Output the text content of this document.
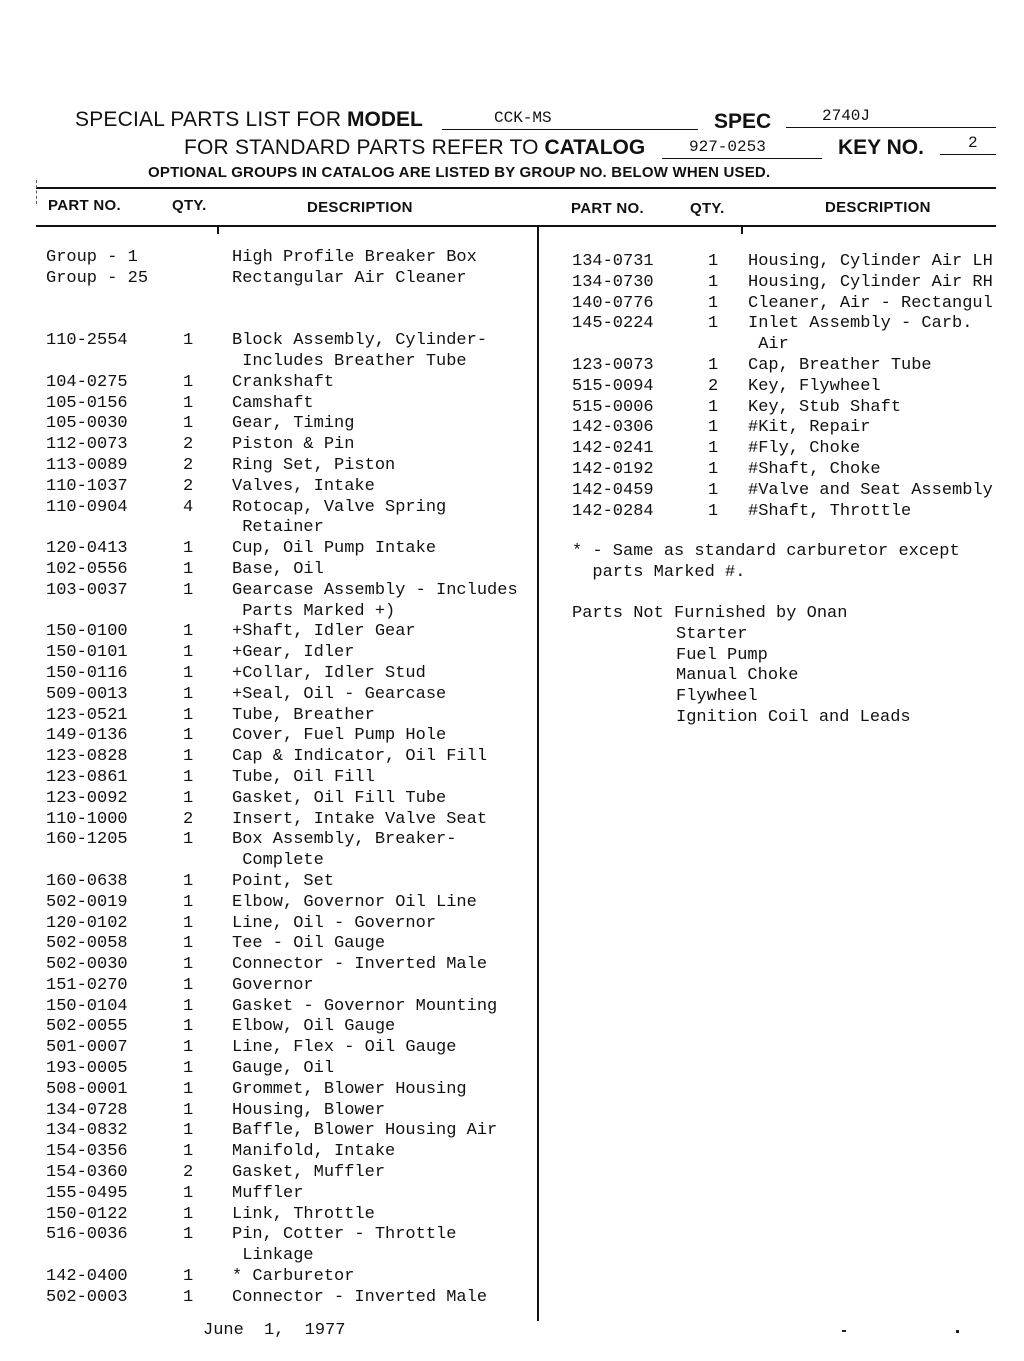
SPECIAL PARTS LIST FOR MODEL	CCK-MS	SPEC	2740J
FOR STANDARD PARTS REFER TO CATALOG	927-0253	KEY NO.	2
OPTIONAL GROUPS IN CATALOG ARE LISTED BY GROUP NO. BELOW WHEN USED.
PART NO.	QTY.	DESCRIPTION	PART NO.	QTY.	DESCRIPTION
Group - 1	High Profile Breaker Box
Group - 25	Rectangular Air Cleaner
110-2554	1 Block Assembly, Cylinder-
Includes Breather Tube
104-0275	1 Crankshaft
105-0156	1 Camshaft
105-0030	1 Gear, Timing
112-0073	2 Piston & Pin
113-0089	2 Ring Set, Piston
110-1037	2 Valves, Intake
110-0904	4 Rotocap, Valve Spring
Retainer
120-0413	1 Cup, Oil Pump Intake
102-0556	1 Base, Oil
103-0037	1 Gearcase Assembly - Includes
Parts Marked +)
150-0100	1 +Shaft, Idler Gear
150-0101	1 +Gear, Idler
150-0116	1 +Collar, Idler Stud
509-0013	1 +Seal, Oil - Gearcase
123-0521	1 Tube, Breather
149-0136	1 Cover, Fuel Pump Hole
123-0828	1 Cap & Indicator, Oil Fill
123-0861	1 Tube, Oil Fill
123-0092	1 Gasket, Oil Fill Tube
110-1000	2 Insert, Intake Valve Seat
160-1205	1 Box Assembly, Breaker-
Complete
160-0638	1 Point, Set
502-0019	1 Elbow, Governor Oil Line
120-0102	1 Line, Oil - Governor
502-0058	1 Tee - Oil Gauge
502-0030	1 Connector - Inverted Male
151-0270	1 Governor
150-0104	1 Gasket - Governor Mounting
502-0055	1 Elbow, Oil Gauge
501-0007	1 Line, Flex - Oil Gauge
193-0005	1 Gauge, Oil
508-0001	1 Grommet, Blower Housing
134-0728	1 Housing, Blower
134-0832	1 Baffle, Blower Housing Air
154-0356	1 Manifold, Intake
154-0360	2 Gasket, Muffler
155-0495	1 Muffler
150-0122	1 Link, Throttle
516-0036	1 Pin, Cotter - Throttle
Linkage
142-0400	1 * Carburetor
502-0003	1 Connector - Inverted Male
134-0731	1 Housing, Cylinder Air LH
134-0730	1 Housing, Cylinder Air RH
140-0776	1 Cleaner, Air - Rectangul
145-0224	1 Inlet Assembly - Carb.
Air
123-0073	1 Cap, Breather Tube
515-0094	2 Key, Flywheel
515-0006	1 Key, Stub Shaft
142-0306	1 #Kit, Repair
142-0241	1 #Fly, Choke
142-0192	1 #Shaft, Choke
142-0459	1 #Valve and Seat Assembly
142-0284	1 #Shaft, Throttle
* - Same as standard carburetor except
parts Marked #.
Parts Not Furnished by Onan
Starter
Fuel Pump
Manual Choke
Flywheel
Ignition Coil and Leads
June 1, 1977
